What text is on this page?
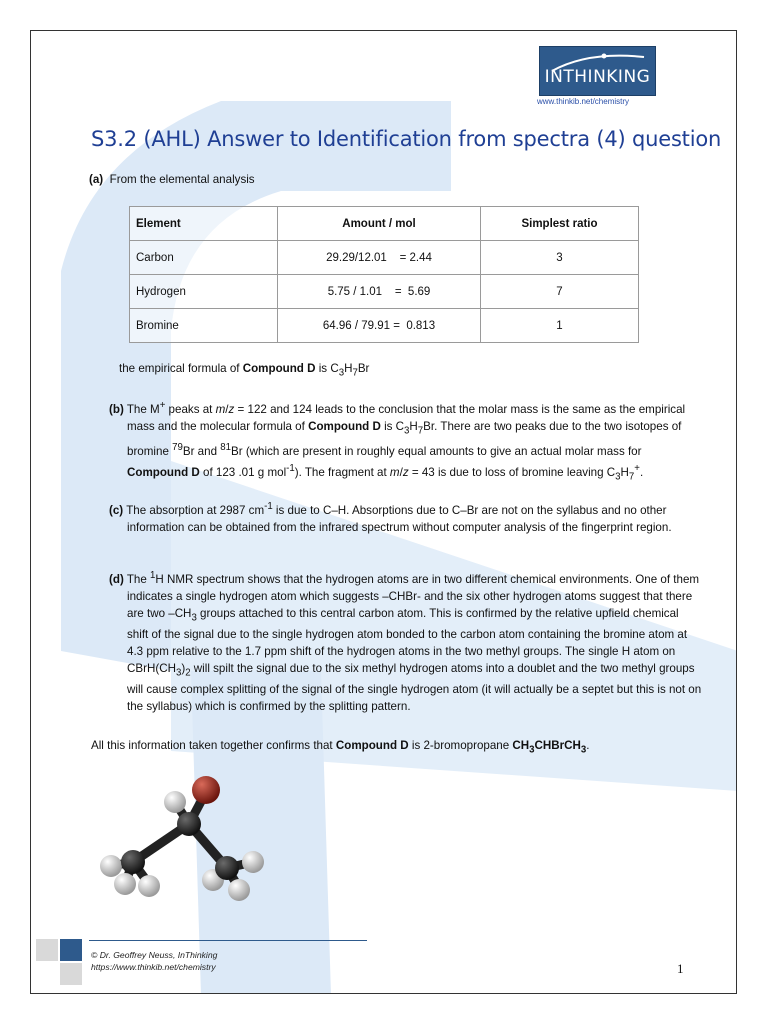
INTHINKING
www.thinkib.net/chemistry
S3.2 (AHL) Answer to Identification from spectra (4) question
(a) From the elemental analysis
Element	Amount / mol	Simplest ratio
Carbon	29.29/12.01    = 2.44	3
Hydrogen	5.75 / 1.01    =  5.69	7
Bromine	64.96 / 79.91 =  0.813	1
the empirical formula of Compound D is $C_3H_7Br$
(b) The M+ peaks at m/z = 122 and 124 leads to the conclusion that the molar mass is the same as the empirical mass and the molecular formula of Compound D is $C_3H_7Br$. There are two peaks due to the two isotopes of bromine $^{79}$Br and $^{81}$Br (which are present in roughly equal amounts to give an actual molar mass for Compound D of 123 .01 g mol$^{-1}$). The fragment at m/z = 43 is due to loss of bromine leaving $C_3H_7^+$.
(c) The absorption at 2987 $cm^{-1}$ is due to C–H. Absorptions due to C–Br are not on the syllabus and no other information can be obtained from the infrared spectrum without computer analysis of the fingerprint region.
(d) The $^1$H NMR spectrum shows that the hydrogen atoms are in two different chemical environments. One of them indicates a single hydrogen atom which suggests –CHBr- and the six other hydrogen atoms suggest that there are two $-CH_3$ groups attached to this central carbon atom. This is confirmed by the relative upfield chemical shift of the signal due to the single hydrogen atom bonded to the carbon atom containing the bromine atom at 4.3 ppm relative to the 1.7 ppm shift of the hydrogen atoms in the two methyl groups. The single H atom on $CBrH(CH_3)_2$ will spilt the signal due to the six methyl hydrogen atoms into a doublet and the two methyl groups will cause complex splitting of the signal of the single hydrogen atom (it will actually be a septet but this is not on the syllabus) which is confirmed by the splitting pattern.
All this information taken together confirms that Compound D is 2-bromopropane $CH_3CHBrCH_3$.
© Dr. Geoffrey Neuss, InThinking
https://www.thinkib.net/chemistry	1
